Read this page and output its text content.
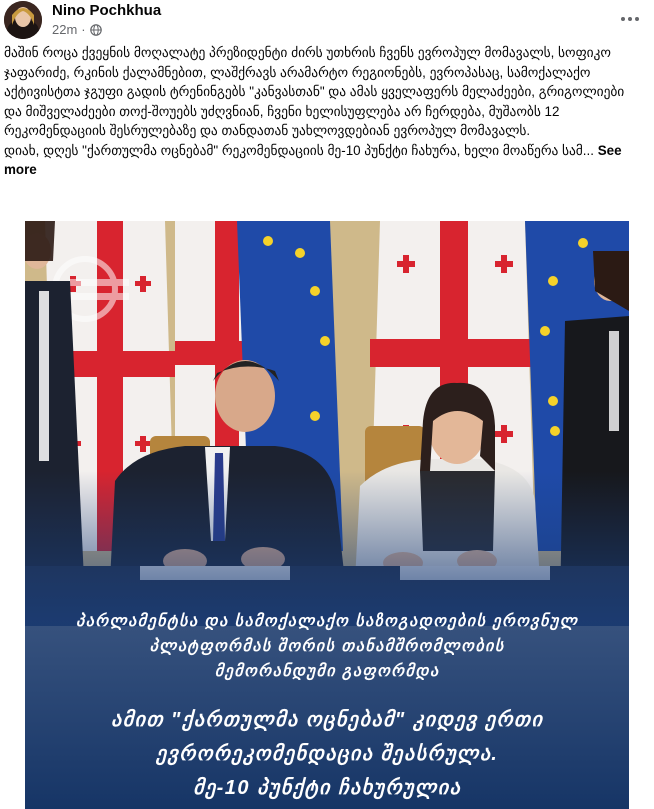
Nino Pochkhua
22m ·

მაშინ როცა ქვეყნის მოღალატე პრეზიდენტი ძირს უთხრის ჩვენს ევროპულ მომავალს, სოფიკო ჯაფარიძე, რკინის ქალამნებით, ლაშქრავს არამარტო რეგიონებს, ევროპასაც, სამოქალაქო აქტივისტთა ჯგუფი გადის ტრენინგებს "კანვასთან" და ამას ყველაფერს მელაძეები, გრიგოლიები და მიშველაძეები თოქ-შოუებს უძღვნიან, ჩვენი ხელისუფლება არ ჩერდება, მუშაობს 12 რეკომენდაციის შესრულებაზე და თანდათან უახლოვდებიან ევროპულ მომავალს.

დიახ, დღეს "ქართულმა ოცნებამ" რეკომენდაციის მე-10 პუნქტი ჩახურა, ხელი მოაწერა სამ... See more

პარლამენტსა და სამოქალაქო საზოგადოების ეროვნულ
პლატფორმას შორის თანამშრომლობის
მემორანდუმი გაფორმდა
ამით "ქართულმა ოცნებამ" კიდევ ერთი
ევრორეკომენდაცია შეასრულა.
მე-10 პუნქტი ჩახურულია
